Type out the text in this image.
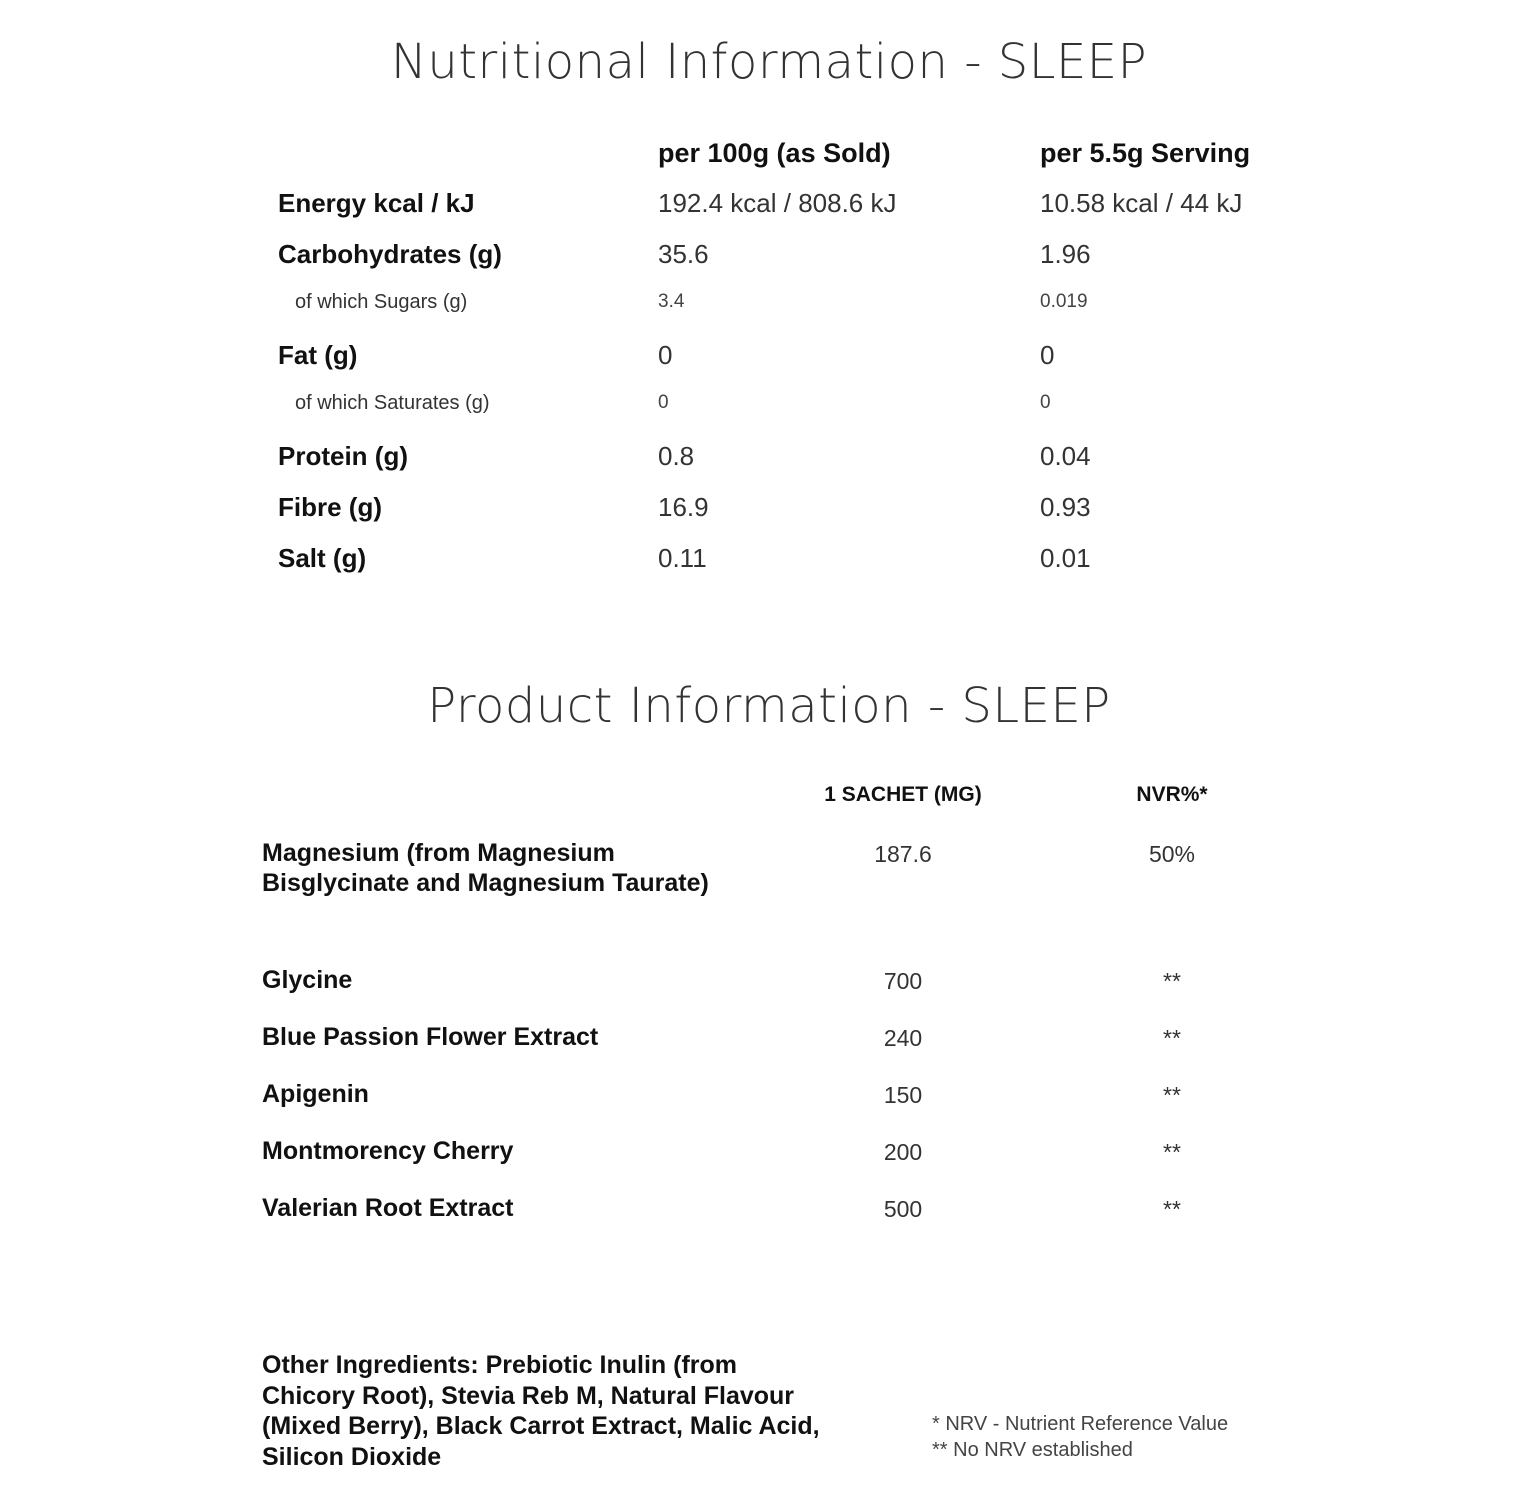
Nutritional Information - SLEEP
per 100g (as Sold)	per 5.5g Serving
Energy kcal / kJ	192.4 kcal / 808.6 kJ	10.58 kcal / 44 kJ
Carbohydrates (g)	35.6	1.96
of which Sugars (g)	3.4	0.019
Fat (g)	0	0
of which Saturates (g)	0	0
Protein (g)	0.8	0.04
Fibre (g)	16.9	0.93
Salt (g)	0.11	0.01
Product Information - SLEEP
1 SACHET (MG)	NVR%*
Magnesium (from Magnesium
Bisglycinate and Magnesium Taurate)
187.6	50%
Glycine	700	**
Blue Passion Flower Extract	240	**
Apigenin	150	**
Montmorency Cherry	200	**
Valerian Root Extract	500	**
Other Ingredients: Prebiotic Inulin (from Chicory Root), Stevia Reb M, Natural Flavour (Mixed Berry), Black Carrot Extract, Malic Acid, Silicon Dioxide
* NRV - Nutrient Reference Value
** No NRV established
